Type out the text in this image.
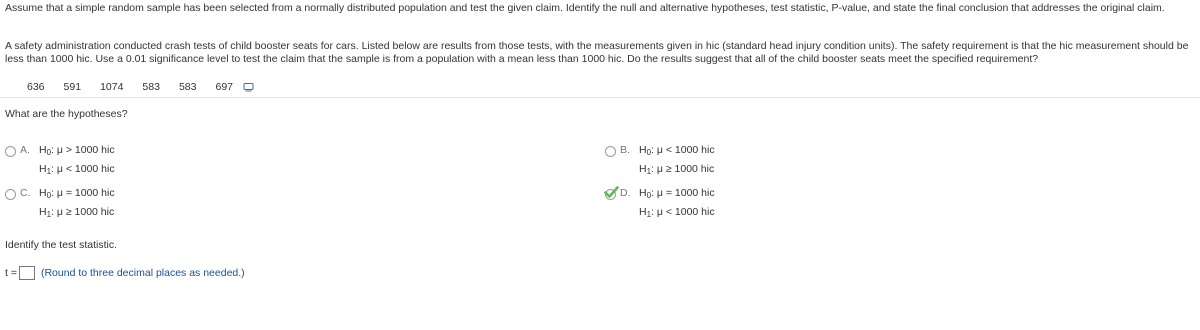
Assume that a simple random sample has been selected from a normally distributed population and test the given claim. Identify the null and alternative hypotheses, test statistic, P-value, and state the final conclusion that addresses the original claim.
A safety administration conducted crash tests of child booster seats for cars. Listed below are results from those tests, with the measurements given in hic (standard head injury condition units). The safety requirement is that the hic measurement should be less than 1000 hic. Use a 0.01 significance level to test the claim that the sample is from a population with a mean less than 1000 hic. Do the results suggest that all of the child booster seats meet the specified requirement?
636 591 1074 583 583 697
What are the hypotheses?
A. $H_0$: μ > 1000 hic
$H_1$: μ < 1000 hic
B. $H_0$: μ < 1000 hic
$H_1$: μ ≥ 1000 hic
C. $H_0$: μ = 1000 hic
$H_1$: μ ≥ 1000 hic
D. $H_0$: μ = 1000 hic
$H_1$: μ < 1000 hic
Identify the test statistic.
t = (Round to three decimal places as needed.)
